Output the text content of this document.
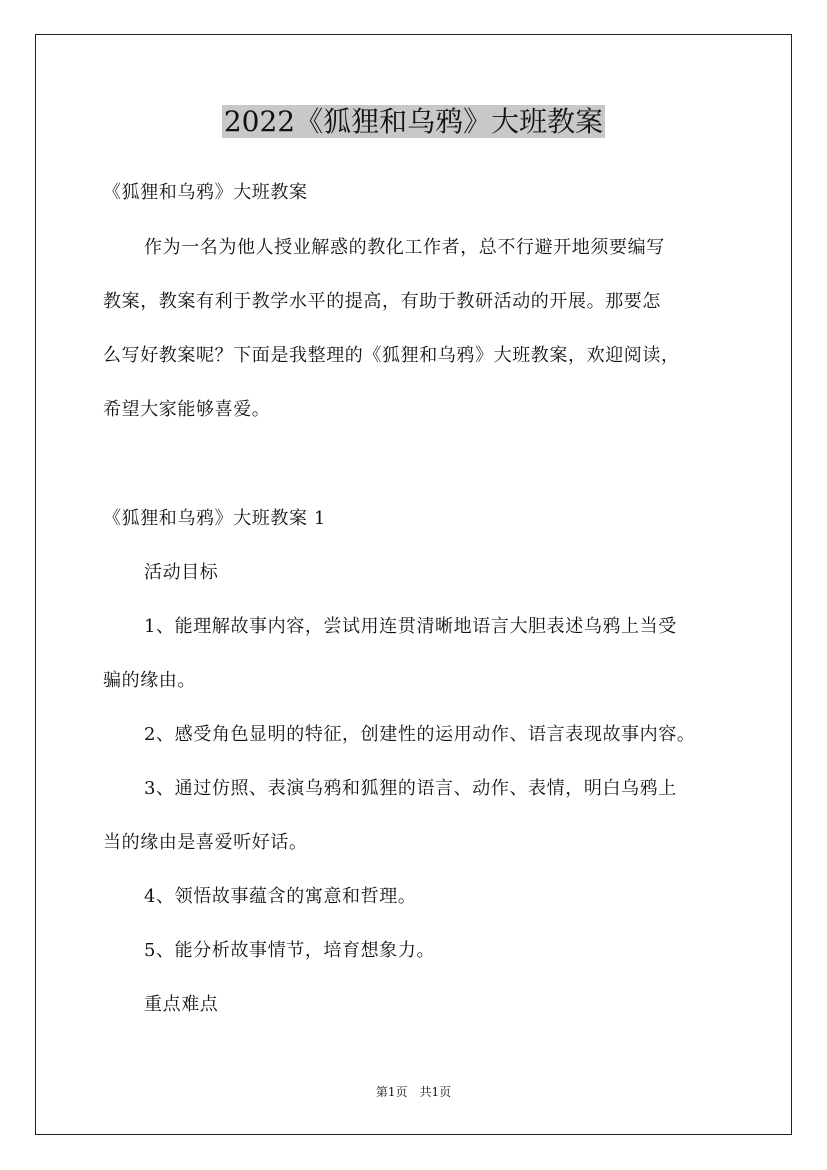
2022《狐狸和乌鸦》大班教案

《狐狸和乌鸦》大班教案

作为一名为他人授业解惑的教化工作者，总不行避开地须要编写

教案，教案有利于教学水平的提高，有助于教研活动的开展。那要怎

么写好教案呢？下面是我整理的《狐狸和乌鸦》大班教案，欢迎阅读，

希望大家能够喜爱。

《狐狸和乌鸦》大班教案 1

活动目标

1、能理解故事内容，尝试用连贯清晰地语言大胆表述乌鸦上当受

骗的缘由。

2、感受角色显明的特征，创建性的运用动作、语言表现故事内容。

3、通过仿照、表演乌鸦和狐狸的语言、动作、表情，明白乌鸦上

当的缘由是喜爱听好话。

4、领悟故事蕴含的寓意和哲理。

5、能分析故事情节，培育想象力。

重点难点

第1页　共1页
